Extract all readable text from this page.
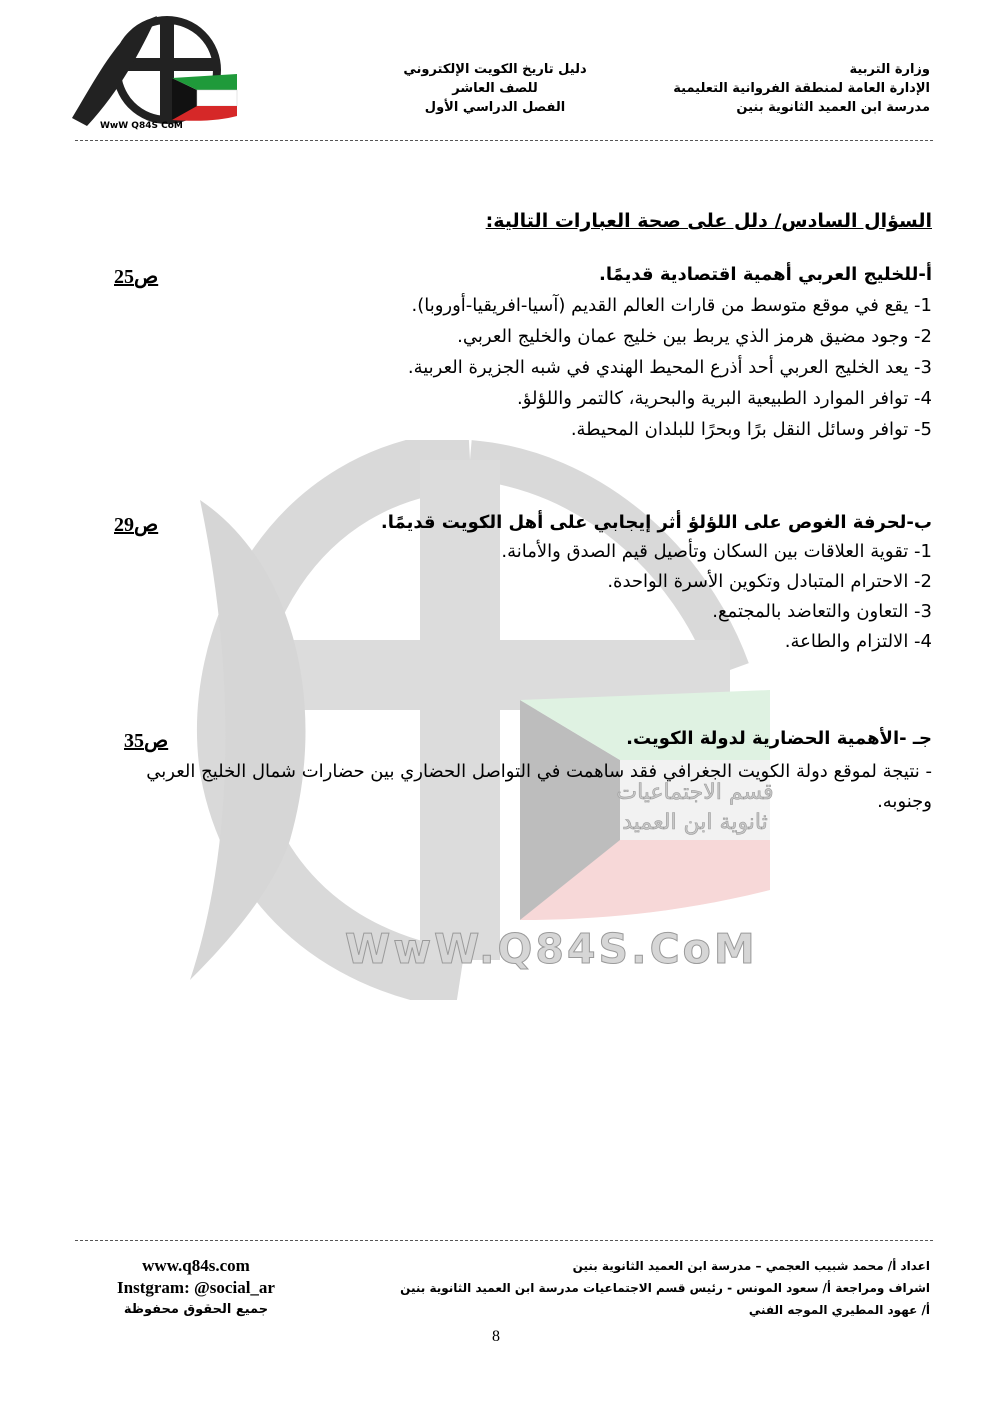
قسم الاجتماعيات
ثانوية ابن العميد
WwW.Q84S.CoM
وزارة التربية
الإدارة العامة لمنطقة الفروانية التعليمية
مدرسة ابن العميد الثانوية بنين
دليل تاريخ الكويت الإلكتروني
للصف العاشر
الفصل الدراسي الأول
WwW Q84S CoM
السؤال السادس/ دلل على صحة العبارات التالية:
أ-للخليج العربي أهمية اقتصادية قديمًا.
ص25
1- يقع في موقع متوسط من قارات العالم القديم (آسيا-افريقيا-أوروبا).
2- وجود مضيق هرمز الذي يربط بين خليج عمان والخليج العربي.
3- يعد الخليج العربي أحد أذرع المحيط الهندي في شبه الجزيرة العربية.
4- توافر الموارد الطبيعية البرية والبحرية، كالتمر واللؤلؤ.
5- توافر وسائل النقل برًا وبحرًا للبلدان المحيطة.
ب-لحرفة الغوص على اللؤلؤ أثر إيجابي على أهل الكويت قديمًا.
ص29
1- تقوية العلاقات بين السكان وتأصيل قيم الصدق والأمانة.
2- الاحترام المتبادل وتكوين الأسرة الواحدة.
3- التعاون والتعاضد بالمجتمع.
4- الالتزام والطاعة.
جـ -الأهمية الحضارية لدولة الكويت.
ص35
- نتيجة لموقع دولة الكويت الجغرافي فقد ساهمت في التواصل الحضاري بين حضارات شمال الخليج العربي وجنوبه.
www.q84s.com
Instgram: @social_ar
جميع الحقوق محفوظة
اعداد أ/ محمد شبيب العجمي – مدرسة ابن العميد الثانوية بنين
اشراف ومراجعة أ/ سعود المونس - رئيس قسم الاجتماعيات مدرسة ابن العميد الثانوية بنين
أ/ عهود المطيري الموجه الفني
8
